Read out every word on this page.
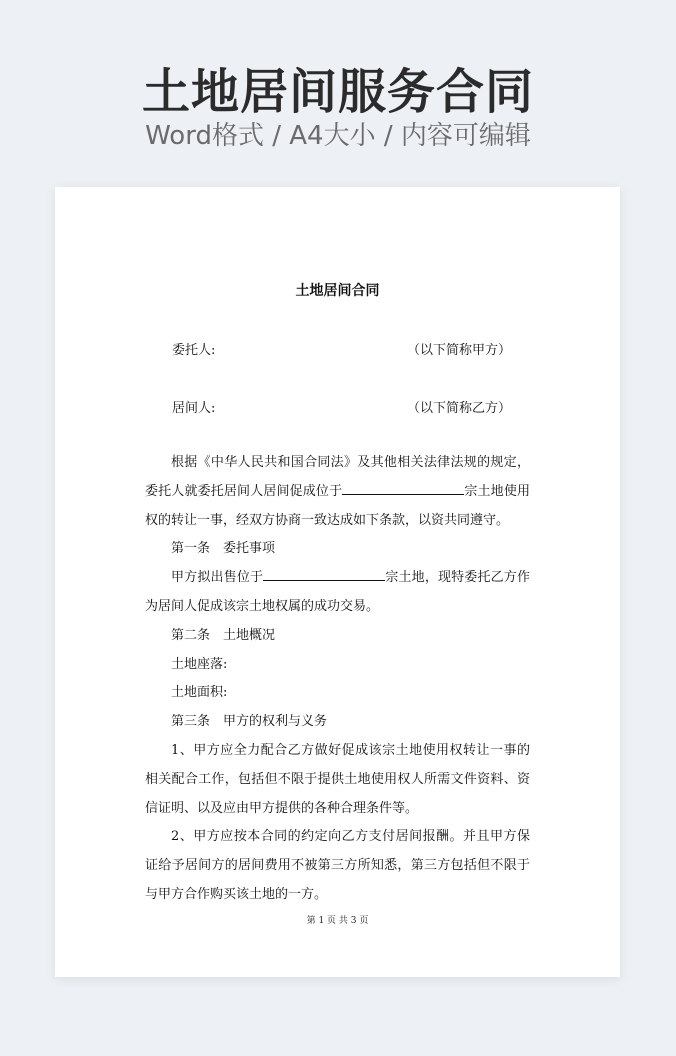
土地居间服务合同
Word格式 / A4大小 / 内容可编辑
土地居间合同
委托人:	（以下简称甲方）
居间人:	（以下简称乙方）

根据《中华人民共和国合同法》及其他相关法律法规的规定，委托人就委托居间人居间促成位于	宗土地使用权的转让一事，经双方协商一致达成如下条款，以资共同遵守。

第一条　委托事项

甲方拟出售位于	宗土地，现特委托乙方作为居间人促成该宗土地权属的成功交易。

第二条　土地概况

土地座落:

土地面积:

第三条　甲方的权利与义务

1、甲方应全力配合乙方做好促成该宗土地使用权转让一事的相关配合工作，包括但不限于提供土地使用权人所需文件资料、资信证明、以及应由甲方提供的各种合理条件等。

2、甲方应按本合同的约定向乙方支付居间报酬。并且甲方保证给予居间方的居间费用不被第三方所知悉，第三方包括但不限于与甲方合作购买该土地的一方。

第 1 页 共 3 页
